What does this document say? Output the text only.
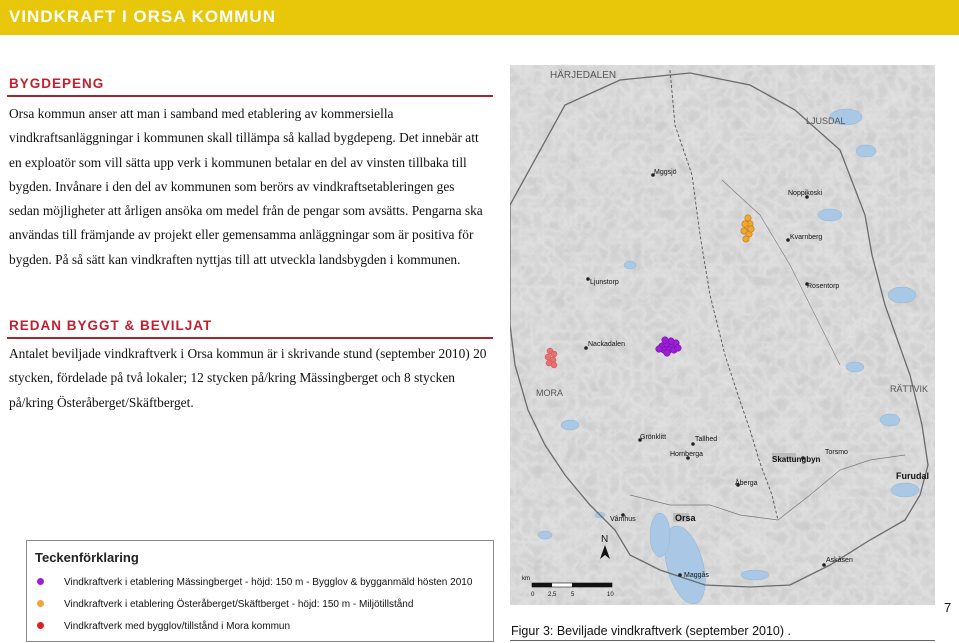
VINDKRAFT I ORSA KOMMUN
BYGDEPENG
Orsa kommun anser att man i samband med etablering av kommersiella
vindkraftsanläggningar i kommunen skall tillämpa så kallad bygdepeng. Det innebär att
en exploatör som vill sätta upp verk i kommunen betalar en del av vinsten tillbaka till
bygden. Invånare i den del av kommunen som berörs av vindkraftsetableringen ges
sedan möjligheter att årligen ansöka om medel från de pengar som avsätts. Pengarna ska
användas till främjande av projekt eller gemensamma anläggningar som är positiva för
bygden. På så sätt kan vindkraften nyttjas till att utveckla landsbygden i kommunen.
REDAN BYGGT & BEVILJAT
Antalet beviljade vindkraftverk i Orsa kommun är i skrivande stund (september 2010) 20
stycken, fördelade på två lokaler; 12 stycken på/kring Mässingberget och 8 stycken
på/kring Österåberget/Skäftberget.
HÄRJEDALEN
LJUSDAL
MORA	RÄTTVIK
Mggsjö
Noppikoski
Kvarnberg
Ljunstorp
Rosentorp
Nackadalen
Grönklitt	Tallhed
Hornberga	Torsmo
Åberga
Vâmhus
Askåsen
Maggås
Skattungbyn
Furudal
Orsa
N
km
0 2,5 5	10
Teckenförklaring
Vindkraftverk i etablering Mässingberget - höjd: 150 m - Bygglov & bygganmäld hösten 2010
Vindkraftverk i etablering Österåberget/Skäftberget - höjd: 150 m - Miljötillstånd
Vindkraftverk med bygglov/tillstånd i Mora kommun	Figur 3: Beviljade vindkraftverk (september 2010) .
7
